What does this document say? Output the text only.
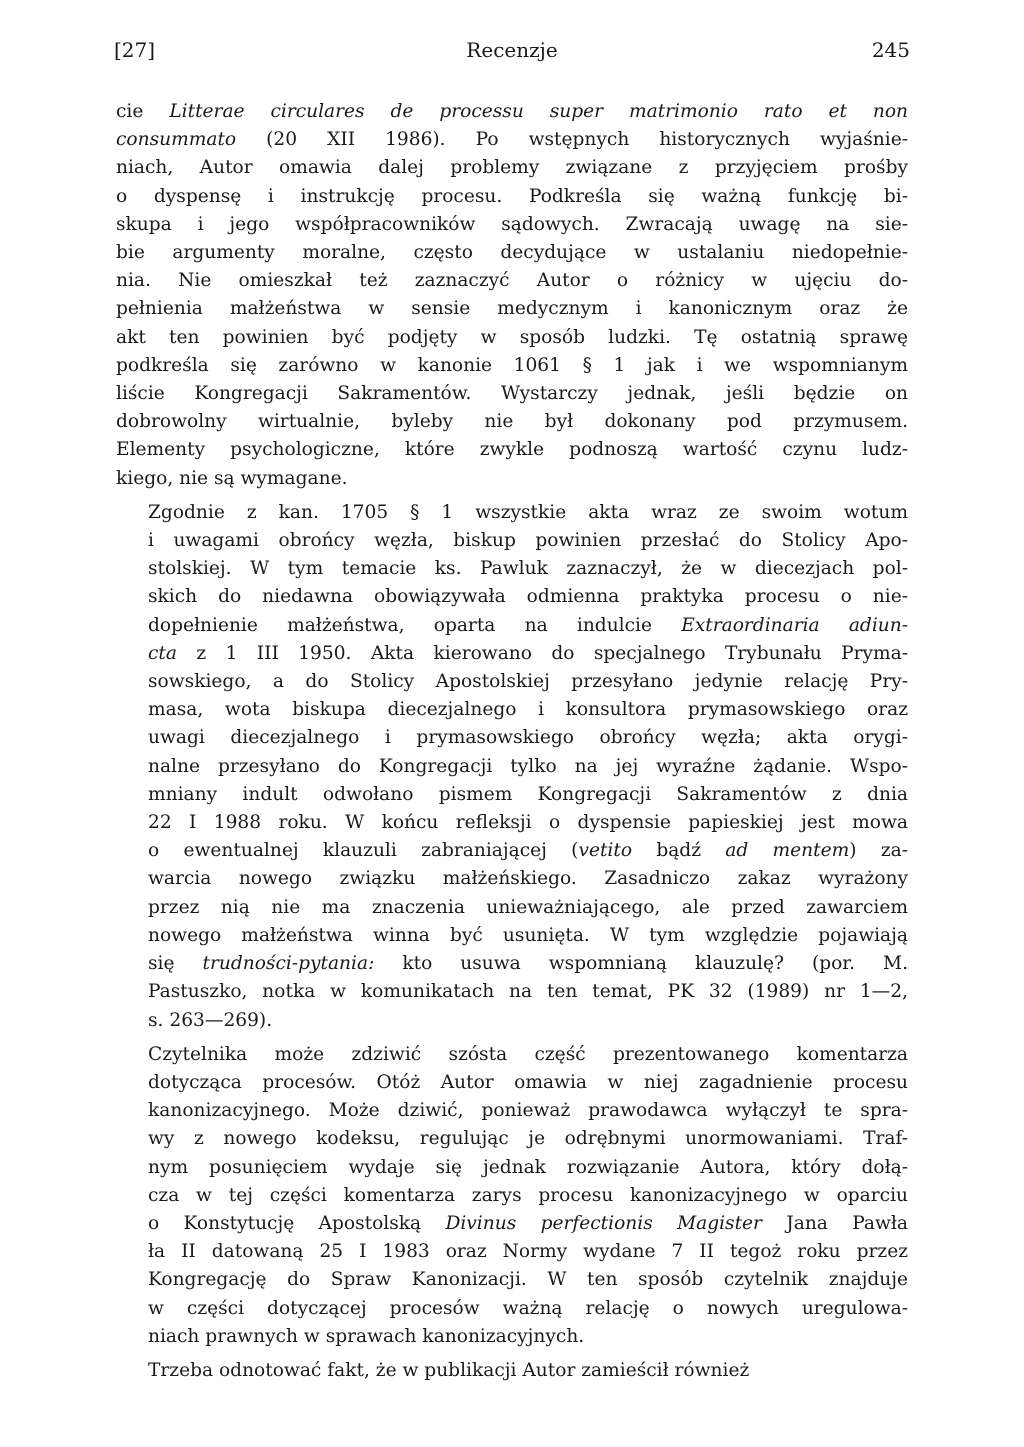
[27]	Recenzje	245

cie Litterae circulares de processu super matrimonio rato et non
consummato (20 XII 1986). Po wstępnych historycznych wyjaśnie-
niach, Autor omawia dalej problemy związane z przyjęciem prośby
o dyspensę i instrukcję procesu. Podkreśla się ważną funkcję bi-
skupa i jego współpracowników sądowych. Zwracają uwagę na sie-
bie argumenty moralne, często decydujące w ustalaniu niedopełnie-
nia. Nie omieszkał też zaznaczyć Autor o różnicy w ujęciu do-
pełnienia małżeństwa w sensie medycznym i kanonicznym oraz że
akt ten powinien być podjęty w sposób ludzki. Tę ostatnią sprawę
podkreśla się zarówno w kanonie 1061 § 1 jak i we wspomnianym
liście Kongregacji Sakramentów. Wystarczy jednak, jeśli będzie on
dobrowolny wirtualnie, byleby nie był dokonany pod przymusem.
Elementy psychologiczne, które zwykle podnoszą wartość czynu ludz-
kiego, nie są wymagane.

Zgodnie z kan. 1705 § 1 wszystkie akta wraz ze swoim wotum
i uwagami obrońcy węzła, biskup powinien przesłać do Stolicy Apo-
stolskiej. W tym temacie ks. Pawluk zaznaczył, że w diecezjach pol-
skich do niedawna obowiązywała odmienna praktyka procesu o nie-
dopełnienie małżeństwa, oparta na indulcie Extraordinaria adiun-
cta z 1 III 1950. Akta kierowano do specjalnego Trybunału Pryma-
sowskiego, a do Stolicy Apostolskiej przesyłano jedynie relację Pry-
masa, wota biskupa diecezjalnego i konsultora prymasowskiego oraz
uwagi diecezjalnego i prymasowskiego obrońcy węzła; akta orygi-
nalne przesyłano do Kongregacji tylko na jej wyraźne żądanie. Wspo-
mniany indult odwołano pismem Kongregacji Sakramentów z dnia
22 I 1988 roku. W końcu refleksji o dyspensie papieskiej jest mowa
o ewentualnej klauzuli zabraniającej (vetito bądź ad mentem) za-
warcia nowego związku małżeńskiego. Zasadniczo zakaz wyrażony
przez nią nie ma znaczenia unieważniającego, ale przed zawarciem
nowego małżeństwa winna być usunięta. W tym względzie pojawiają
się trudności-pytania: kto usuwa wspomnianą klauzulę? (por. M.
Pastuszko, notka w komunikatach na ten temat, PK 32 (1989) nr 1—2,
s. 263—269).

Czytelnika może zdziwić szósta część prezentowanego komentarza
dotycząca procesów. Otóż Autor omawia w niej zagadnienie procesu
kanonizacyjnego. Może dziwić, ponieważ prawodawca wyłączył te spra-
wy z nowego kodeksu, regulując je odrębnymi unormowaniami. Traf-
nym posunięciem wydaje się jednak rozwiązanie Autora, który dołą-
cza w tej części komentarza zarys procesu kanonizacyjnego w oparciu
o Konstytucję Apostolską Divinus perfectionis Magister Jana Pawła
ła II datowaną 25 I 1983 oraz Normy wydane 7 II tegoż roku przez
Kongregację do Spraw Kanonizacji. W ten sposób czytelnik znajduje
w części dotyczącej procesów ważną relację o nowych uregulowa-
niach prawnych w sprawach kanonizacyjnych.

Trzeba odnotować fakt, że w publikacji Autor zamieścił również
